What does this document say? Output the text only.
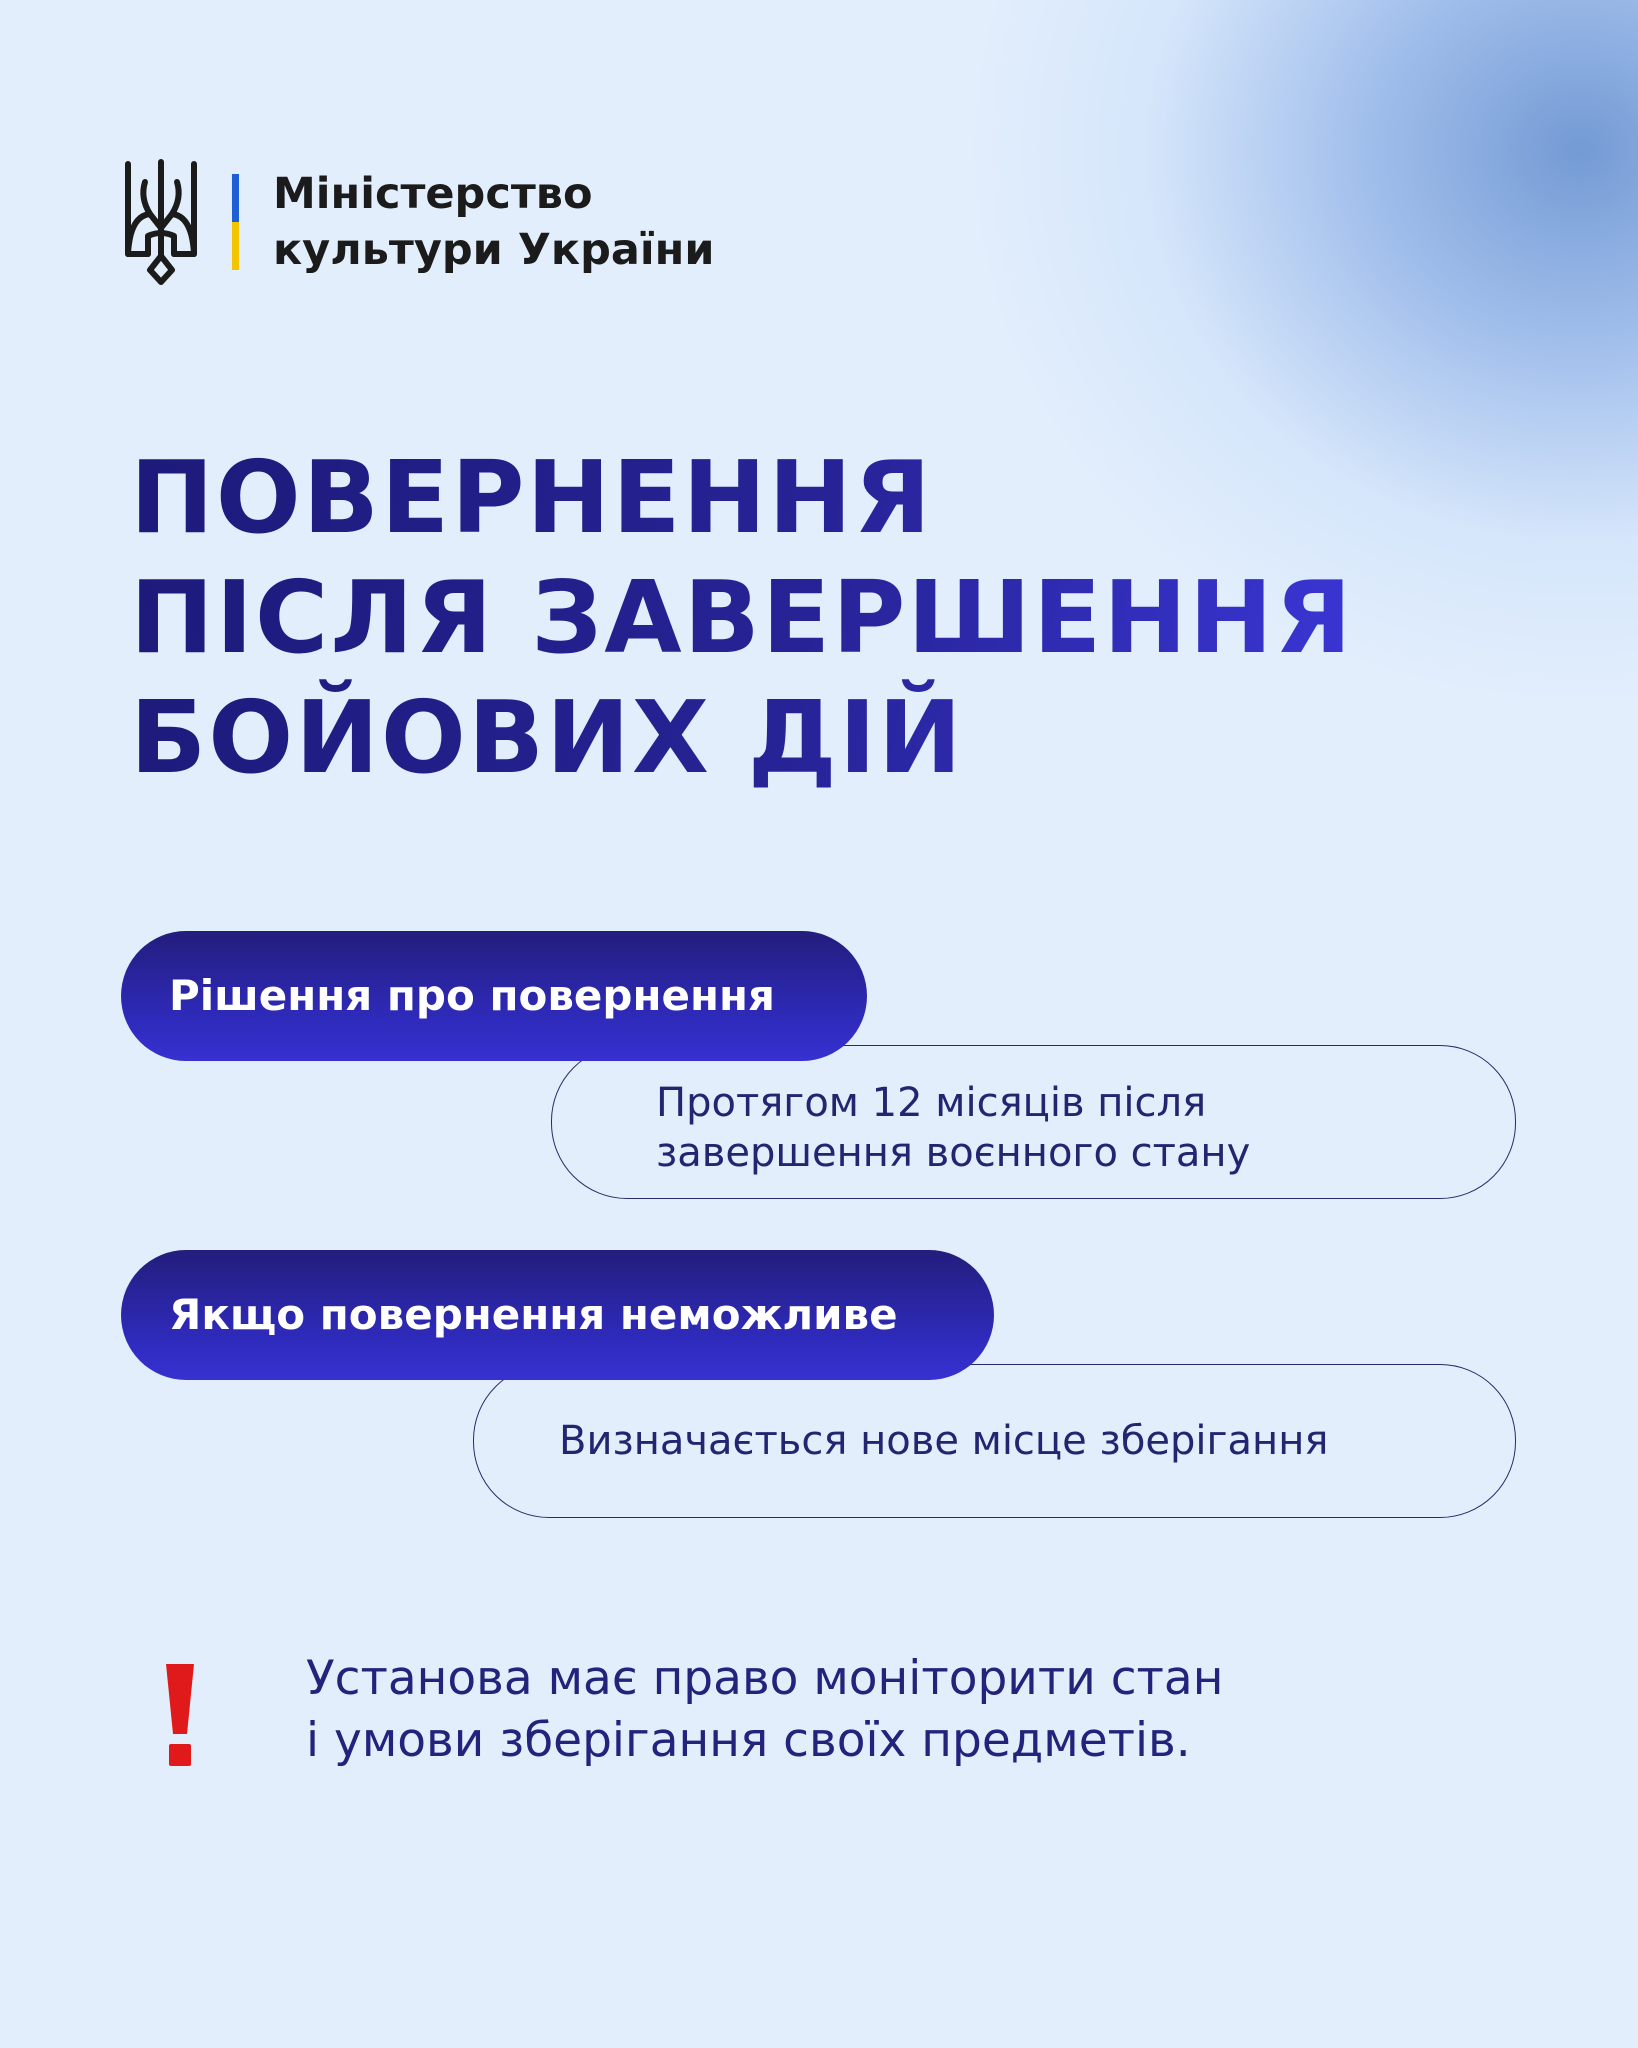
Міністерство
культури України
ПОВЕРНЕННЯ
ПІСЛЯ ЗАВЕРШЕННЯ
БОЙОВИХ ДІЙ
Рішення про повернення
Протягом 12 місяців після
завершення воєнного стану
Якщо повернення неможливе
Визначається нове місце зберігання
Установа має право моніторити стан
і умови зберігання своїх предметів.
